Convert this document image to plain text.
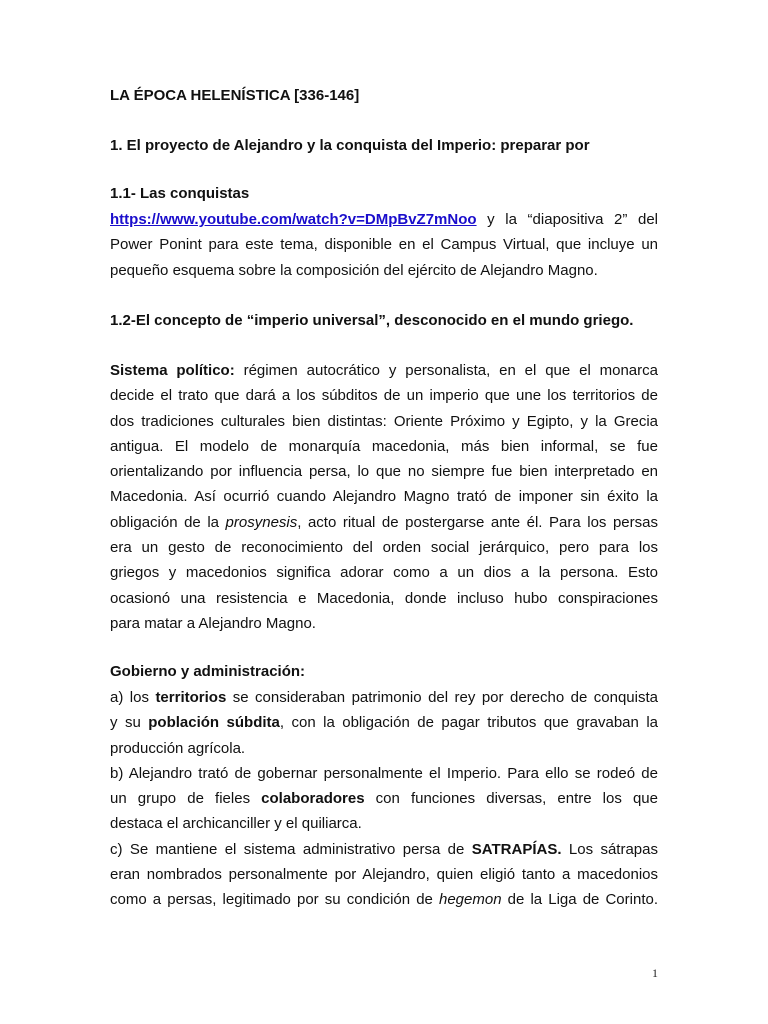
LA ÉPOCA HELENÍSTICA [336-146]
1. El proyecto de Alejandro y la conquista del Imperio: preparar por
1.1- Las conquistas
https://www.youtube.com/watch?v=DMpBvZ7mNoo y la “diapositiva 2” del
Power Ponint para este tema, disponible en el Campus Virtual, que incluye un
pequeño esquema sobre la composición del ejército de Alejandro Magno.
1.2-El concepto de “imperio universal”, desconocido en el mundo griego.
Sistema político: régimen autocrático y personalista, en el que el monarca
decide el trato que dará a los súbditos de un imperio que une los territorios de
dos tradiciones culturales bien distintas: Oriente Próximo y Egipto, y la Grecia
antigua. El modelo de monarquía macedonia, más bien informal, se fue
orientalizando por influencia persa, lo que no siempre fue bien interpretado en
Macedonia. Así ocurrió cuando Alejandro Magno trató de imponer sin éxito la
obligación de la prosynesis, acto ritual de postergarse ante él. Para los persas
era un gesto de reconocimiento del orden social jerárquico, pero para los
griegos y macedonios significa adorar como a un dios a la persona. Esto
ocasionó una resistencia e Macedonia, donde incluso hubo conspiraciones
para matar a Alejandro Magno.
Gobierno y administración:
a) los territorios se consideraban patrimonio del rey por derecho de conquista
y su población súbdita, con la obligación de pagar tributos que gravaban la
producción agrícola.
b) Alejandro trató de gobernar personalmente el Imperio. Para ello se rodeó de
un grupo de fieles colaboradores con funciones diversas, entre los que
destaca el archicanciller y el quiliarca.
c) Se mantiene el sistema administrativo persa de SATRAPÍAS. Los sátrapas
eran nombrados personalmente por Alejandro, quien eligió tanto a macedonios
como a persas, legitimado por su condición de hegemon de la Liga de Corinto.
1
